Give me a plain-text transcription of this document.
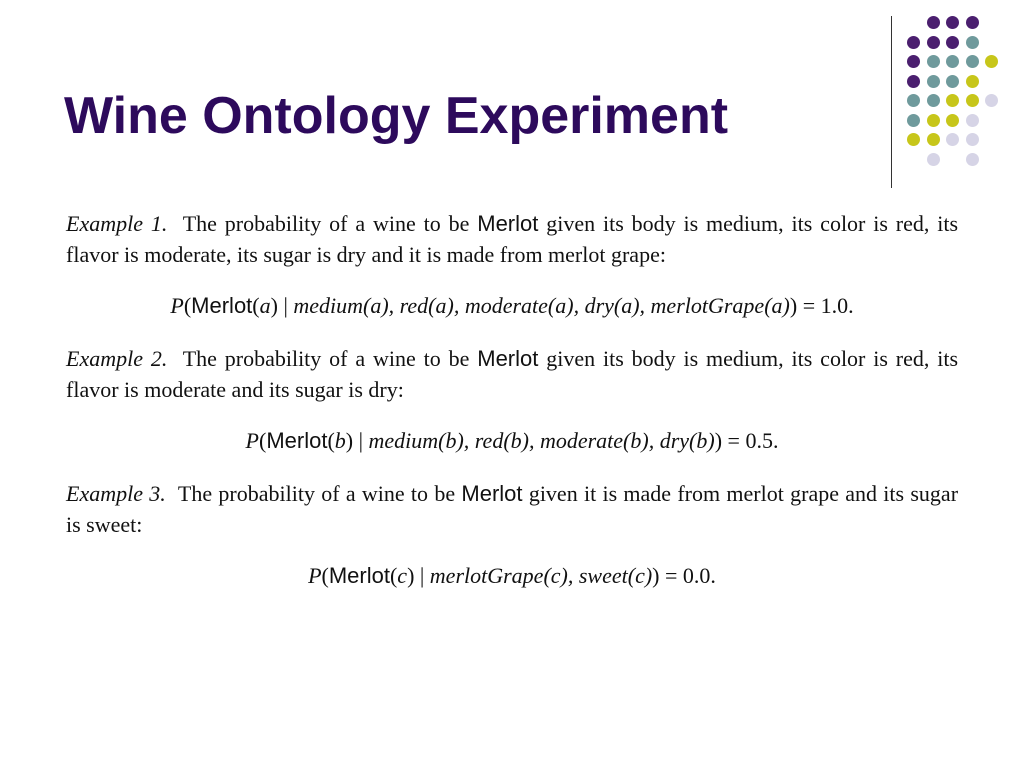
Wine Ontology Experiment

Example 1. The probability of a wine to be Merlot given its body is medium, its color is red, its flavor is moderate, its sugar is dry and it is made from merlot grape:

P(Merlot(a) | medium(a), red(a), moderate(a), dry(a), merlotGrape(a)) = 1.0.

Example 2. The probability of a wine to be Merlot given its body is medium, its color is red, its flavor is moderate and its sugar is dry:

P(Merlot(b) | medium(b), red(b), moderate(b), dry(b)) = 0.5.

Example 3. The probability of a wine to be Merlot given it is made from merlot grape and its sugar is sweet:

P(Merlot(c) | merlotGrape(c), sweet(c)) = 0.0.
